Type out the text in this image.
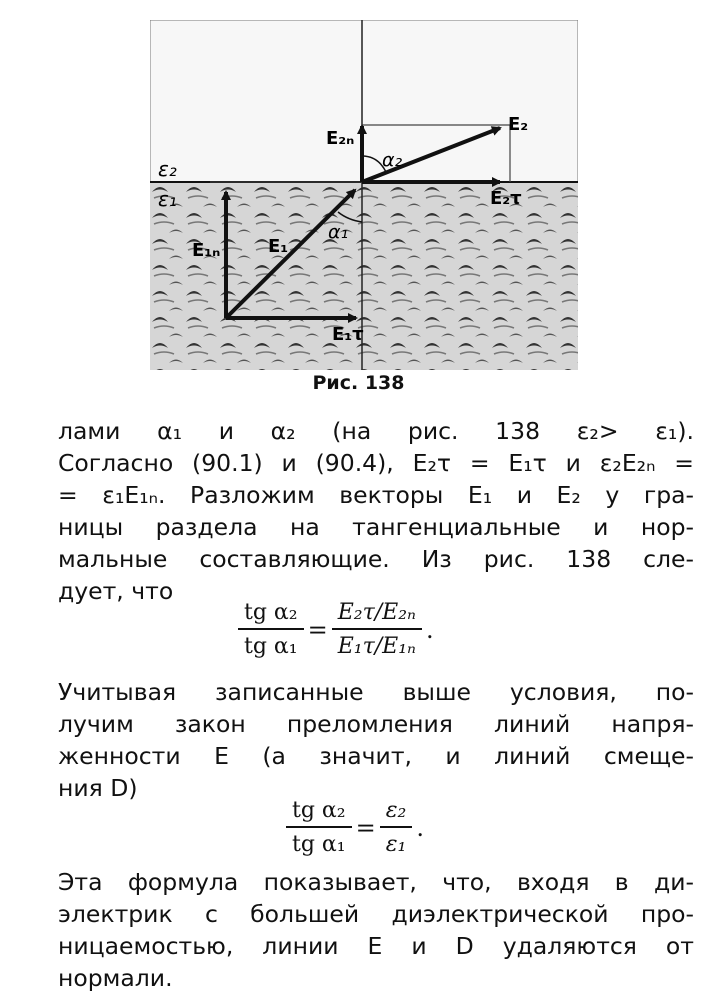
ε₂
ε₁
E₂ₙ
E₂
α₂
E₂τ
E₁ₙ	E₁
α₁
E₁τ
Рис. 138
лами α₁ и α₂ (на рис. 138 ε₂> ε₁).
Согласно (90.1) и (90.4), E₂τ = E₁τ и ε₂E₂ₙ =
= ε₁E₁ₙ. Разложим векторы E₁ и E₂ у гра-
ницы раздела на тангенциальные и нор-
мальные составляющие. Из рис. 138 сле-
дует, что
$\frac{\text{tg α₂}}{\text{tg α₁}} = \frac{\text{E₂τ/E₂ₙ}}{\text{E₁τ/E₁ₙ}}$ .
Учитывая записанные выше условия, по-
лучим закон преломления линий напря-
женности E (а значит, и линий смеще-
ния D)
$\frac{\text{tg α₂}}{\text{tg α₁}} = \frac{\text{ε₂}}{\text{ε₁}}$ .
Эта формула показывает, что, входя в ди-
электрик с большей диэлектрической про-
ницаемостью, линии E и D удаляются от
нормали.
